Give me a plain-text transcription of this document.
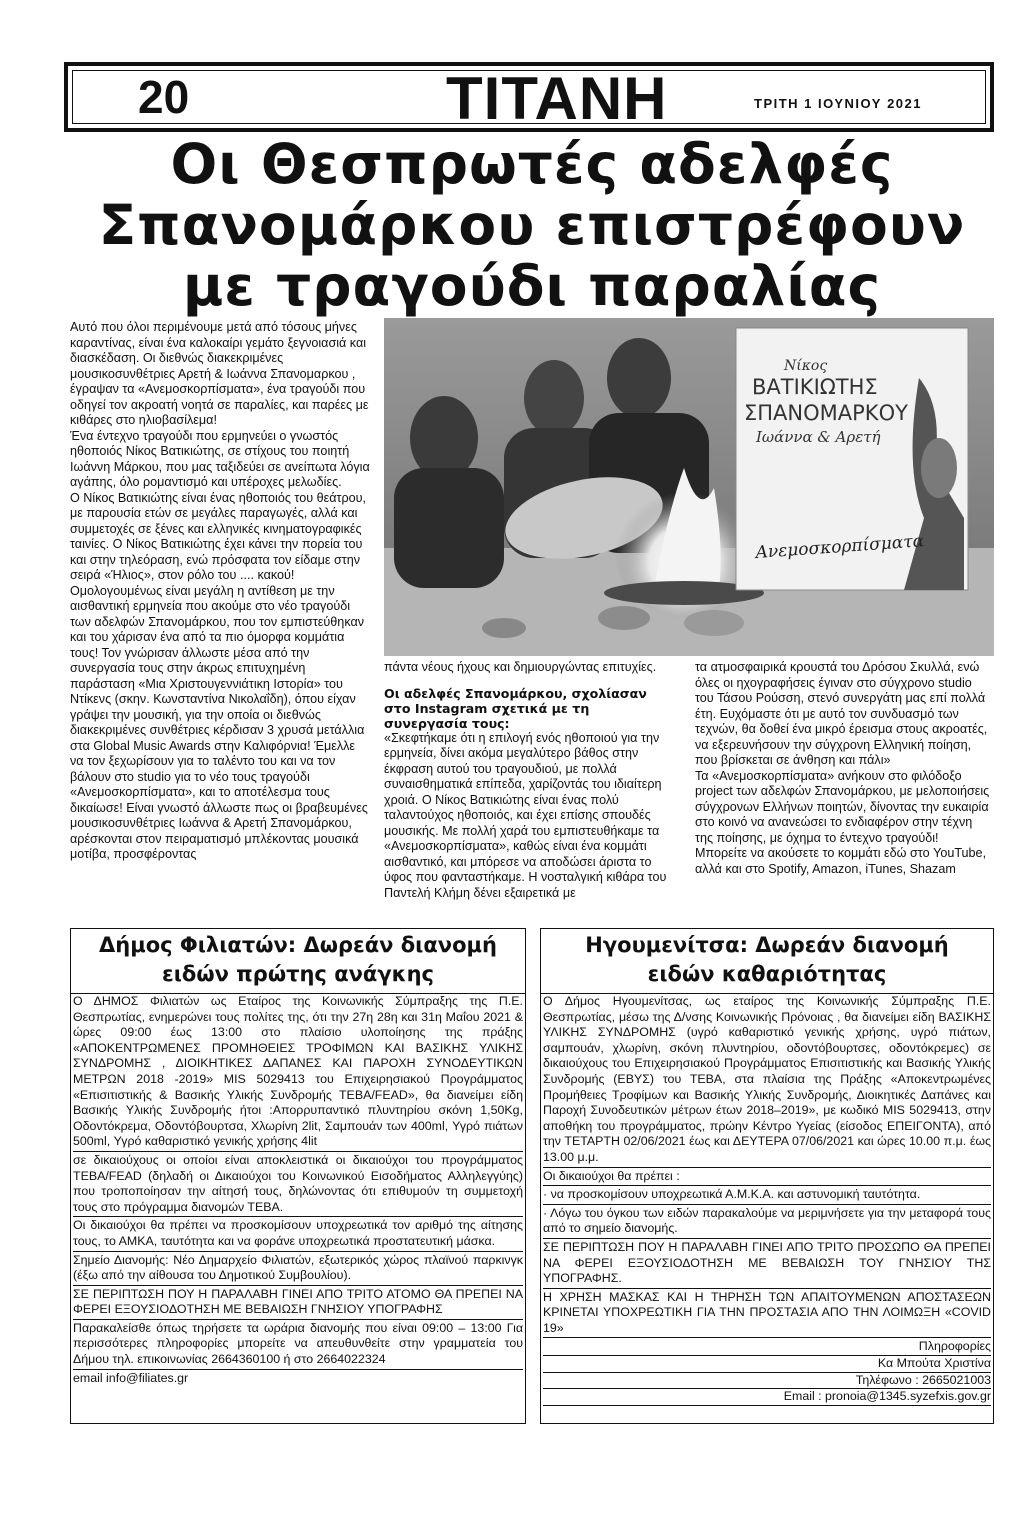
20	ΤΙΤΑΝΗ	ΤΡΙΤΗ 1 ΙΟΥΝΙΟΥ 2021
Οι Θεσπρωτές αδελφές
Σπανομάρκου επιστρέφουν
με τραγούδι παραλίας

Αυτό που όλοι περιμένουμε μετά από τόσους μήνες καραντίνας, είναι ένα καλοκαίρι γεμάτο ξεγνοιασιά και διασκέδαση. Οι διεθνώς διακεκριμένες μουσικοσυνθέτριες Αρετή & Ιωάννα Σπανομαρκου , έγραψαν τα «Ανεμοσκορπίσματα», ένα τραγούδι που οδηγεί τον ακροατή νοητά σε παραλίες, και παρέες με κιθάρες στο ηλιοβασίλεμα!

Ένα έντεχνο τραγούδι που ερμηνεύει ο γνωστός ηθοποιός Νίκος Βατικιώτης, σε στίχους του ποιητή Ιωάννη Μάρκου, που μας ταξιδεύει σε ανείπωτα λόγια αγάπης, όλο ρομαντισμό και υπέροχες μελωδίες.

Ο Νίκος Βατικιώτης είναι ένας ηθοποιός του θεάτρου, με παρουσία ετών σε μεγάλες παραγωγές, αλλά και συμμετοχές σε ξένες και ελληνικές κινηματογραφικές ταινίες. Ο Νίκος Βατικιώτης έχει κάνει την πορεία του και στην τηλεόραση, ενώ πρόσφατα τον είδαμε στην σειρά «Ήλιος», στον ρόλο του .... κακού!

Ομολογουμένως είναι μεγάλη η αντίθεση με την αισθαντική ερμηνεία που ακούμε στο νέο τραγούδι των αδελφών Σπανομάρκου, που τον εμπιστεύθηκαν και του χάρισαν ένα από τα πιο όμορφα κομμάτια τους! Τον γνώρισαν άλλωστε μέσα από την συνεργασία τους στην άκρως επιτυχημένη παράσταση «Μια Χριστουγεννιάτικη Ιστορία» του Ντίκενς (σκην. Κωνσταντίνα Νικολαΐδη), όπου είχαν γράψει την μουσική, για την οποία οι διεθνώς διακεκριμένες συνθέτριες κέρδισαν 3 χρυσά μετάλλια στα Global Music Awards στην Καλιφόρνια! Έμελλε να τον ξεχωρίσουν για το ταλέντο του και να τον βάλουν στο studio για το νέο τους τραγούδι «Ανεμοσκορπίσματα», και το αποτέλεσμα τους δικαίωσε! Είναι γνωστό άλλωστε πως οι βραβευμένες μουσικοσυνθέτριες Ιωάννα & Αρετή Σπανομάρκου, αρέσκονται στον πειραματισμό μπλέκοντας μουσικά μοτίβα, προσφέροντας

Νίκος
ΒΑΤΙΚΙΩΤΗΣ
ΣΠΑΝΟΜΑΡΚΟΥ
Ιωάννα & Αρετή
Ανεμοσκορπίσματα

πάντα νέους ήχους και δημιουργώντας επιτυχίες.

Οι αδελφές Σπανομάρκου, σχολίασαν στο Instagram σχετικά με τη συνεργασία τους:

«Σκεφτήκαμε ότι η επιλογή ενός ηθοποιού για την ερμηνεία, δίνει ακόμα μεγαλύτερο βάθος στην έκφραση αυτού του τραγουδιού, με πολλά συναισθηματικά επίπεδα, χαρίζοντάς του ιδιαίτερη χροιά. Ο Νίκος Βατικιώτης είναι ένας πολύ ταλαντούχος ηθοποιός, και έχει επίσης σπουδές μουσικής. Με πολλή χαρά του εμπιστευθήκαμε τα «Ανεμοσκορπίσματα», καθώς είναι ένα κομμάτι αισθαντικό, και μπόρεσε να αποδώσει άριστα το ύφος που φανταστήκαμε. Η νοσταλγική κιθάρα του Παντελή Κλήμη δένει εξαιρετικά με

τα ατμοσφαιρικά κρουστά του Δρόσου Σκυλλά, ενώ όλες οι ηχογραφήσεις έγιναν στο σύγχρονο studio του Τάσου Ρούσση, στενό συνεργάτη μας επί πολλά έτη. Ευχόμαστε ότι με αυτό τον συνδυασμό των τεχνών, θα δοθεί ένα μικρό έρεισμα στους ακροατές, να εξερευνήσουν την σύγχρονη Ελληνική ποίηση, που βρίσκεται σε άνθηση και πάλι»

Τα «Ανεμοσκορπίσματα» ανήκουν στο φιλόδοξο project των αδελφών Σπανομάρκου, με μελοποιήσεις σύγχρονων Ελλήνων ποιητών, δίνοντας την ευκαιρία στο κοινό να ανανεώσει το ενδιαφέρον στην τέχνη της ποίησης, με όχημα το έντεχνο τραγούδι!

Μπορείτε να ακούσετε το κομμάτι εδώ στο YouTube, αλλά και στο Spotify, Amazon, iTunes, Shazam

Δήμος Φιλιατών: Δωρεάν διανομή
ειδών πρώτης ανάγκης

Ο ΔΗΜΟΣ Φιλιατών ως Εταίρος της Κοινωνικής Σύμπραξης της Π.Ε. Θεσπρωτίας, ενημερώνει τους πολίτες της, ότι την 27η 28η και 31η Μαΐου 2021 & ώρες 09:00 έως 13:00 στο πλαίσιο υλοποίησης της πράξης «ΑΠΟΚΕΝΤΡΩΜΕΝΕΣ ΠΡΟΜΗΘΕΙΕΣ ΤΡΟΦΙΜΩΝ ΚΑΙ ΒΑΣΙΚΗΣ ΥΛΙΚΗΣ ΣΥΝΔΡΟΜΗΣ , ΔΙΟΙΚΗΤΙΚΕΣ ΔΑΠΑΝΕΣ ΚΑΙ ΠΑΡΟΧΗ ΣΥΝΟΔΕΥΤΙΚΩΝ ΜΕΤΡΩΝ 2018 -2019» MIS 5029413 του Επιχειρησιακού Προγράμματος «Επισιτιστικής & Βασικής Υλικής Συνδρομής ΤΕΒΑ/FEAD», θα διανείμει είδη Βασικής Υλικής Συνδρομής ήτοι :Απορρυπαντικό πλυντηρίου σκόνη 1,50Kg, Οδοντόκρεμα, Οδοντόβουρτσα, Χλωρίνη 2lit, Σαμπουάν των 400ml, Υγρό πιάτων 500ml, Υγρό καθαριστικό γενικής χρήσης 4lit

σε δικαιούχους οι οποίοι είναι αποκλειστικά οι δικαιούχοι του προγράμματος ΤΕΒΑ/FEAD (δηλαδή οι Δικαιούχοι του Κοινωνικού Εισοδήματος Αλληλεγγύης) που τροποποίησαν την αίτησή τους, δηλώνοντας ότι επιθυμούν τη συμμετοχή τους στο πρόγραμμα διανομών ΤΕΒΑ.

Οι δικαιούχοι θα πρέπει να προσκομίσουν υποχρεωτικά τον αριθμό της αίτησης τους, το ΑΜΚΑ, ταυτότητα και να φοράνε υποχρεωτικά προστατευτική μάσκα.

Σημείο Διανομής: Νέο Δημαρχείο Φιλιατών, εξωτερικός χώρος πλαϊνού παρκινγκ (έξω από την αίθουσα του Δημοτικού Συμβουλίου).

ΣΕ ΠΕΡΙΠΤΩΣΗ ΠΟΥ Η ΠΑΡΑΛΑΒΗ ΓΙΝΕΙ ΑΠΟ ΤΡΙΤΟ ΑΤΟΜΟ ΘΑ ΠΡΕΠΕΙ ΝΑ ΦΕΡΕΙ ΕΞΟΥΣΙΟΔΟΤΗΣΗ ΜΕ ΒΕΒΑΙΩΣΗ ΓΝΗΣΙΟΥ ΥΠΟΓΡΑΦΗΣ

Παρακαλείσθε όπως τηρήσετε τα ωράρια διανομής που είναι 09:00 – 13:00 Για περισσότερες πληροφορίες μπορείτε να απευθυνθείτε στην γραμματεία του Δήμου τηλ. επικοινωνίας 2664360100 ή στο 2664022324

email info@filiates.gr

Ηγουμενίτσα: Δωρεάν διανομή
ειδών καθαριότητας

Ο Δήμος Ηγουμενίτσας, ως εταίρος της Κοινωνικής Σύμπραξης Π.Ε. Θεσπρωτίας, μέσω της Δ/νσης Κοινωνικής Πρόνοιας , θα διανείμει είδη ΒΑΣΙΚΗΣ ΥΛΙΚΗΣ ΣΥΝΔΡΟΜΗΣ (υγρό καθαριστικό γενικής χρήσης, υγρό πιάτων, σαμπουάν, χλωρίνη, σκόνη πλυντηρίου, οδοντόβουρτσες, οδοντόκρεμες) σε δικαιούχους του Επιχειρησιακού Προγράμματος Επισιτιστικής και Βασικής Υλικής Συνδρομής (ΕΒΥΣ) του ΤΕΒΑ, στα πλαίσια της Πράξης «Αποκεντρωμένες Προμήθειες Τροφίμων και Βασικής Υλικής Συνδρομής, Διοικητικές Δαπάνες και Παροχή Συνοδευτικών μέτρων έτων 2018–2019», με κωδικό MIS 5029413, στην αποθήκη του προγράμματος, πρώην Κέντρο Υγείας (είσοδος ΕΠΕΙΓΟΝΤΑ), από την ΤΕΤΑΡΤΗ 02/06/2021 έως και ΔΕΥΤΕΡΑ 07/06/2021 και ώρες 10.00 π.μ. έως 13.00 μ.μ.

Οι δικαιούχοι θα πρέπει :

· να προσκομίσουν υποχρεωτικά Α.Μ.Κ.Α. και αστυνομική ταυτότητα.

· Λόγω του όγκου των ειδών παρακαλούμε να μεριμνήσετε για την μεταφορά τους από το σημείο διανομής.

ΣΕ ΠΕΡΙΠΤΩΣΗ ΠΟΥ Η ΠΑΡΑΛΑΒΗ ΓΙΝΕΙ ΑΠΟ ΤΡΙΤΟ ΠΡΟΣΩΠΟ ΘΑ ΠΡΕΠΕΙ ΝΑ ΦΕΡΕΙ ΕΞΟΥΣΙΟΔΟΤΗΣΗ ΜΕ ΒΕΒΑΙΩΣΗ ΤΟΥ ΓΝΗΣΙΟΥ ΤΗΣ ΥΠΟΓΡΑΦΗΣ.

Η ΧΡΗΣΗ ΜΑΣΚΑΣ ΚΑΙ Η ΤΗΡΗΣΗ ΤΩΝ ΑΠΑΙΤΟΥΜΕΝΩΝ ΑΠΟΣΤΑΣΕΩΝ ΚΡΙΝΕΤΑΙ ΥΠΟΧΡΕΩΤΙΚΗ ΓΙΑ ΤΗΝ ΠΡΟΣΤΑΣΙΑ ΑΠΟ ΤΗΝ ΛΟΙΜΩΞΗ «COVID 19»

Πληροφορίες
Κα Μπούτα Χριστίνα
Τηλέφωνο : 2665021003
Email : pronoia@1345.syzefxis.gov.gr
